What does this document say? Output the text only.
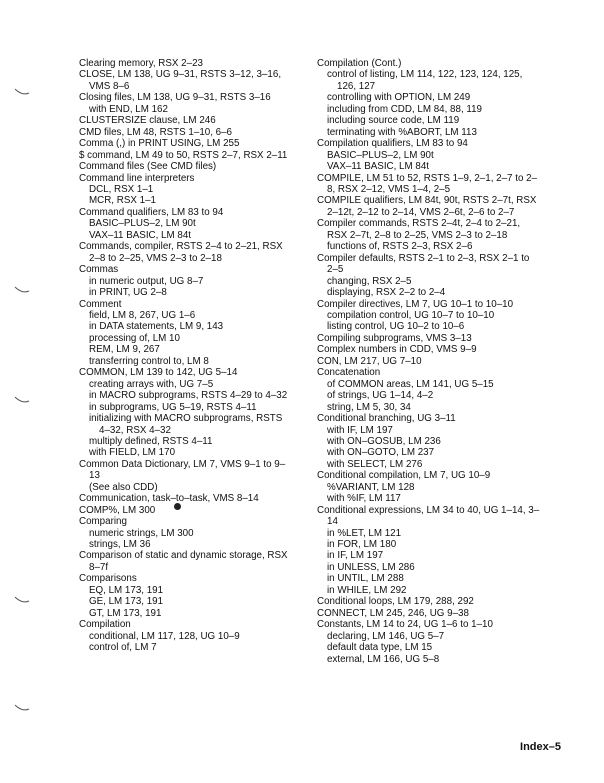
Clearing memory, RSX 2–23
CLOSE, LM 138, UG 9–31, RSTS 3–12, 3–16, VMS 8–6
Closing files, LM 138, UG 9–31, RSTS 3–16
with END, LM 162
CLUSTERSIZE clause, LM 246
CMD files, LM 48, RSTS 1–10, 6–6
Comma (,) in PRINT USING, LM 255
$ command, LM 49 to 50, RSTS 2–7, RSX 2–11
Command files (See CMD files)
Command line interpreters
DCL, RSX 1–1
MCR, RSX 1–1
Command qualifiers, LM 83 to 94
BASIC–PLUS–2, LM 90t
VAX–11 BASIC, LM 84t
Commands, compiler, RSTS 2–4 to 2–21, RSX 2–8 to 2–25, VMS 2–3 to 2–18
Commas
in numeric output, UG 8–7
in PRINT, UG 2–8
Comment
field, LM 8, 267, UG 1–6
in DATA statements, LM 9, 143
processing of, LM 10
REM, LM 9, 267
transferring control to, LM 8
COMMON, LM 139 to 142, UG 5–14
creating arrays with, UG 7–5
in MACRO subprograms, RSTS 4–29 to 4–32
in subprograms, UG 5–19, RSTS 4–11
initializing with MACRO subprograms, RSTS 4–32, RSX 4–32
multiply defined, RSTS 4–11
with FIELD, LM 170
Common Data Dictionary, LM 7, VMS 9–1 to 9–13
(See also CDD)
Communication, task–to–task, VMS 8–14
COMP%, LM 300
Comparing
numeric strings, LM 300
strings, LM 36
Comparison of static and dynamic storage, RSX 8–7f
Comparisons
EQ, LM 173, 191
GE, LM 173, 191
GT, LM 173, 191
Compilation
conditional, LM 117, 128, UG 10–9
control of, LM 7
Compilation (Cont.)
control of listing, LM 114, 122, 123, 124, 125, 126, 127
controlling with OPTION, LM 249
including from CDD, LM 84, 88, 119
including source code, LM 119
terminating with %ABORT, LM 113
Compilation qualifiers, LM 83 to 94
BASIC–PLUS–2, LM 90t
VAX–11 BASIC, LM 84t
COMPILE, LM 51 to 52, RSTS 1–9, 2–1, 2–7 to 2–8, RSX 2–12, VMS 1–4, 2–5
COMPILE qualifiers, LM 84t, 90t, RSTS 2–7t, RSX 2–12t, 2–12 to 2–14, VMS 2–6t, 2–6 to 2–7
Compiler commands, RSTS 2–4t, 2–4 to 2–21, RSX 2–7t, 2–8 to 2–25, VMS 2–3 to 2–18
functions of, RSTS 2–3, RSX 2–6
Compiler defaults, RSTS 2–1 to 2–3, RSX 2–1 to 2–5
changing, RSX 2–5
displaying, RSX 2–2 to 2–4
Compiler directives, LM 7, UG 10–1 to 10–10
compilation control, UG 10–7 to 10–10
listing control, UG 10–2 to 10–6
Compiling subprograms, VMS 3–13
Complex numbers in CDD, VMS 9–9
CON, LM 217, UG 7–10
Concatenation
of COMMON areas, LM 141, UG 5–15
of strings, UG 1–14, 4–2
string, LM 5, 30, 34
Conditional branching, UG 3–11
with IF, LM 197
with ON–GOSUB, LM 236
with ON–GOTO, LM 237
with SELECT, LM 276
Conditional compilation, LM 7, UG 10–9
%VARIANT, LM 128
with %IF, LM 117
Conditional expressions, LM 34 to 40, UG 1–14, 3–14
in %LET, LM 121
in FOR, LM 180
in IF, LM 197
in UNLESS, LM 286
in UNTIL, LM 288
in WHILE, LM 292
Conditional loops, LM 179, 288, 292
CONNECT, LM 245, 246, UG 9–38
Constants, LM 14 to 24, UG 1–6 to 1–10
declaring, LM 146, UG 5–7
default data type, LM 15
external, LM 166, UG 5–8
Index–5
